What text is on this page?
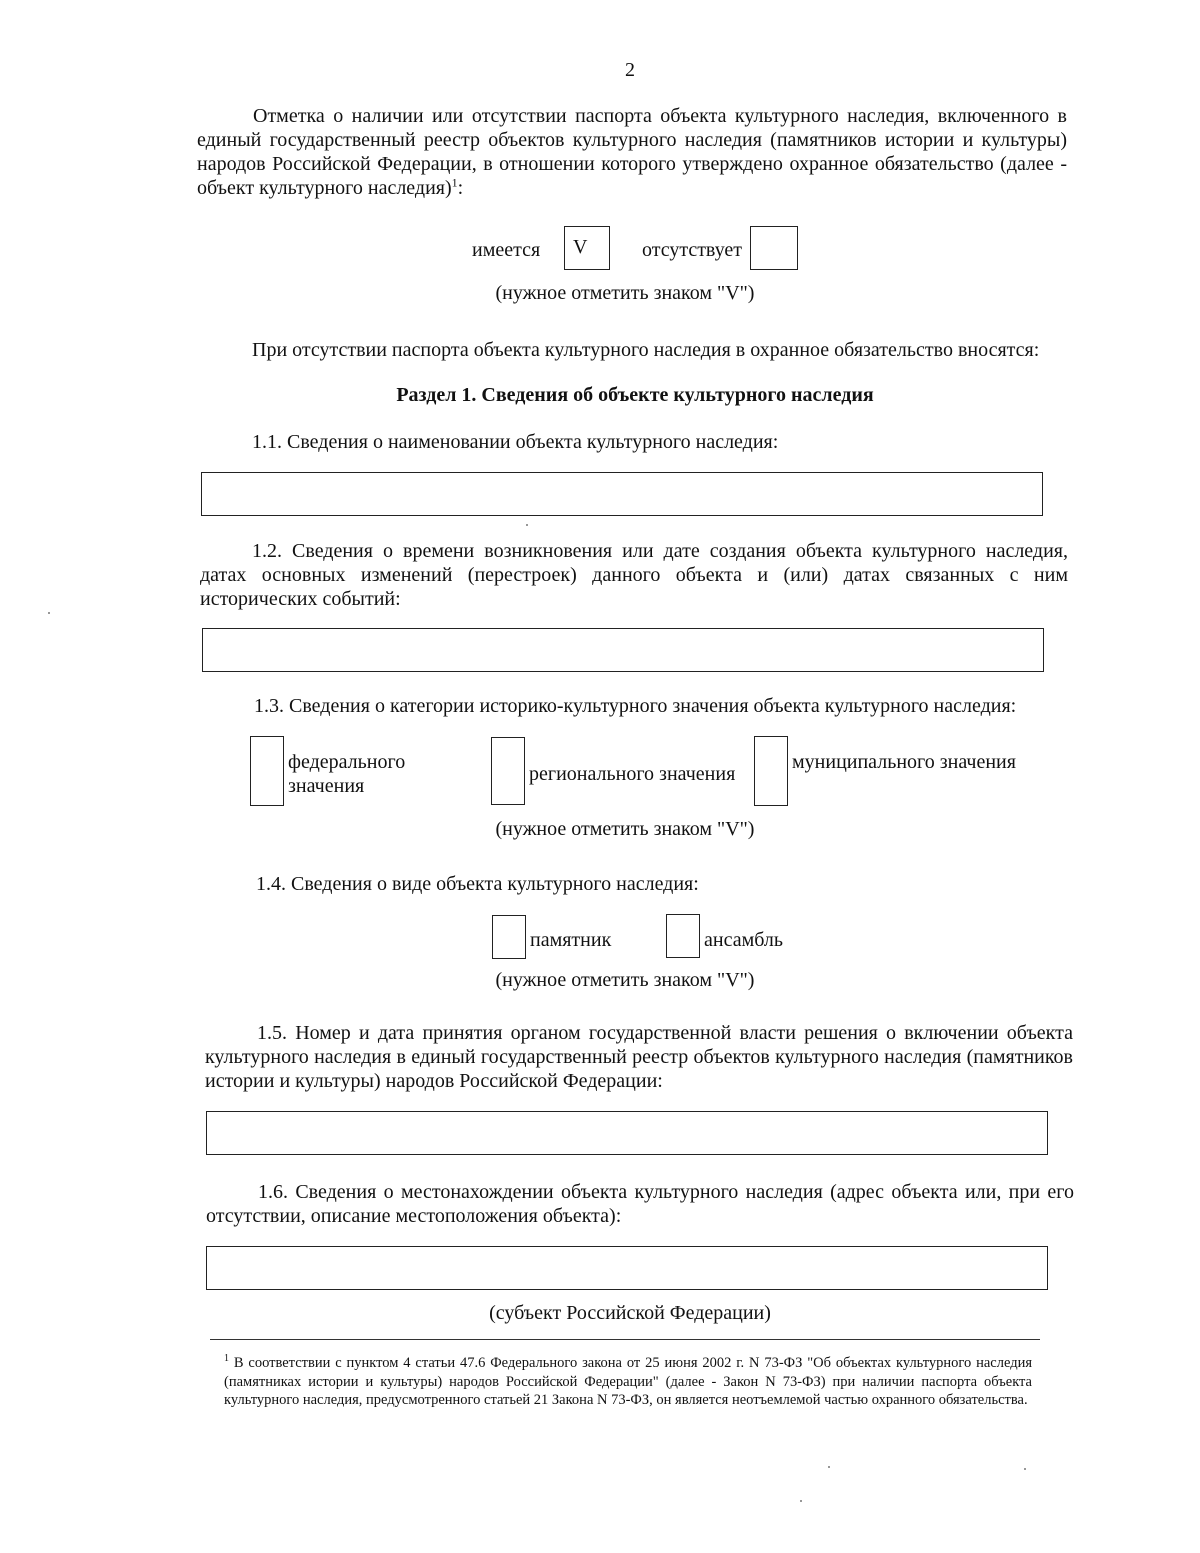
2
Отметка о наличии или отсутствии паспорта объекта культурного наследия, включенного в единый государственный реестр объектов культурного наследия (памятников истории и культуры) народов Российской Федерации, в отношении которого утверждено охранное обязательство (далее - объект культурного наследия)$^1$:
имеется V	отсутствует
(нужное отметить знаком "V")
При отсутствии паспорта объекта культурного наследия в охранное обязательство вносятся:
Раздел 1. Сведения об объекте культурного наследия
1.1. Сведения о наименовании объекта культурного наследия:
1.2. Сведения о времени возникновения или дате создания объекта культурного наследия, датах основных изменений (перестроек) данного объекта и (или) датах связанных с ним исторических событий:
1.3. Сведения о категории историко-культурного значения объекта культурного наследия:
федерального
значения
регионального значения
муниципального значения
(нужное отметить знаком "V")
1.4. Сведения о виде объекта культурного наследия:
памятник	ансамбль
(нужное отметить знаком "V")
1.5. Номер и дата принятия органом государственной власти решения о включении объекта культурного наследия в единый государственный реестр объектов культурного наследия (памятников истории и культуры) народов Российской Федерации:
1.6. Сведения о местонахождении объекта культурного наследия (адрес объекта или, при его отсутствии, описание местоположения объекта):
(субъект Российской Федерации)
$^1$ В соответствии с пунктом 4 статьи 47.6 Федерального закона от 25 июня 2002 г. N 73-ФЗ "Об объектах культурного наследия (памятниках истории и культуры) народов Российской Федерации" (далее - Закон N 73-ФЗ) при наличии паспорта объекта культурного наследия, предусмотренного статьей 21 Закона N 73-ФЗ, он является неотъемлемой частью охранного обязательства.
